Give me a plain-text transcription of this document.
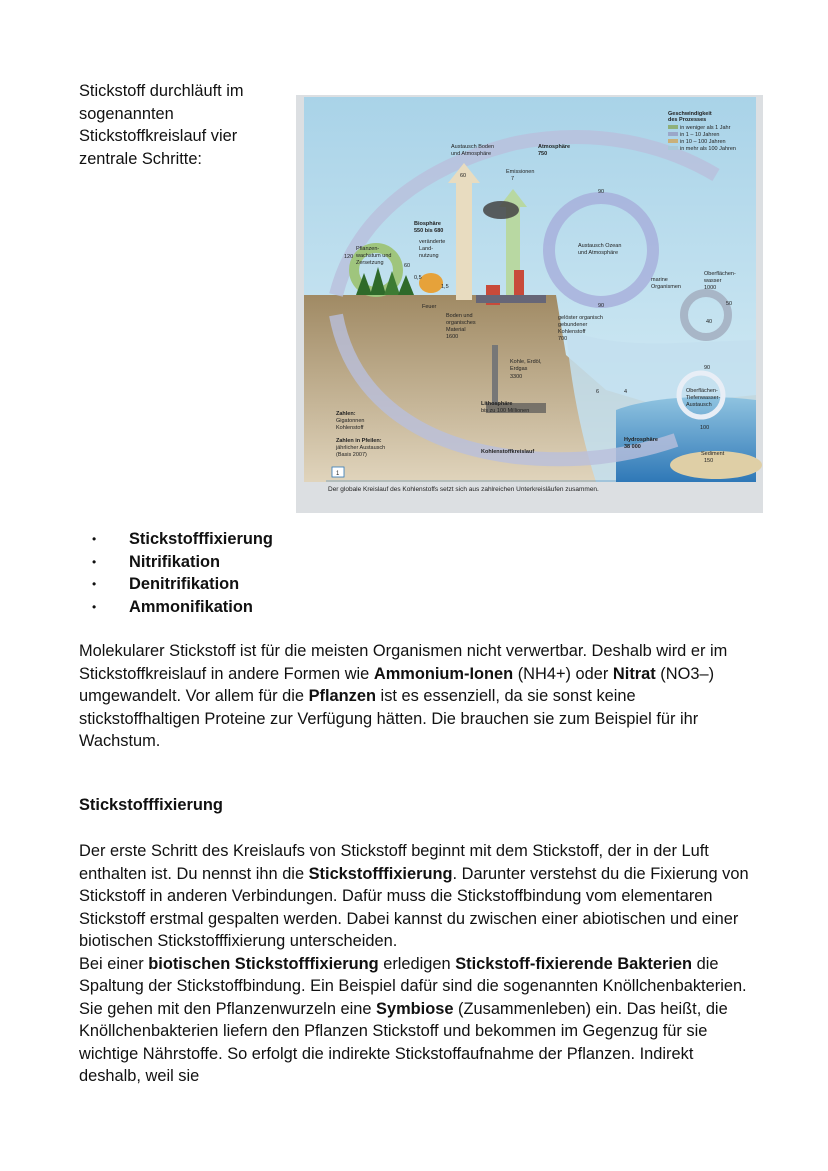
Stickstoff durchläuft im
sogenannten
Stickstoffkreislauf vier
zentrale Schritte:
Geschwindigkeit
des Prozesses
in weniger als 1 Jahr
in 1 – 10 Jahren
in 10 – 100 Jahren
in mehr als 100 Jahren
Austausch Boden
und Atmosphäre
Atmosphäre
750
Emissionen
7
60
90
Biosphäre
550 bis 680
Pflanzen-
wachstum und
Zersetzung
120
60
veränderte
Land-
nutzung
0,5
1,5
Austausch Ozean
und Atmosphäre
marine
Organismen
Oberflächen-
wasser
1000
50
40
Feuer
Boden und
organisches
Material
1600
90
gelöster organisch
gebundener
Kohlenstoff
700
Kohle, Erdöl,
Erdgas
3300
90
Oberflächen-
Tiefenwasser-
Austausch
6	4
Lithosphäre
bis zu 100 Millionen
100
Zahlen:
Gigatonnen
Kohlenstoff
Zahlen in Pfeilen:
jährlicher Austausch
(Basis 2007)	Kohlenstoffkreislauf
Hydrosphäre
38 000
Sediment
150
1
Der globale Kreislauf des Kohlenstoffs setzt sich aus zahlreichen Unterkreisläufen zusammen.
• Stickstofffixierung
• Nitrifikation
• Denitrifikation
• Ammonifikation

Molekularer Stickstoff ist für die meisten Organismen nicht verwertbar. Deshalb wird er im Stickstoffkreislauf in andere Formen wie Ammonium-Ionen (NH4+) oder Nitrat (NO3–) umgewandelt. Vor allem für die Pflanzen ist es essenziell, da sie sonst keine stickstoffhaltigen Proteine zur Verfügung hätten. Die brauchen sie zum Beispiel für ihr Wachstum.

Stickstofffixierung

Der erste Schritt des Kreislaufs von Stickstoff beginnt mit dem Stickstoff, der in der Luft enthalten ist. Du nennst ihn die Stickstofffixierung. Darunter verstehst du die Fixierung von Stickstoff in anderen Verbindungen. Dafür muss die Stickstoffbindung vom elementaren Stickstoff erstmal gespalten werden. Dabei kannst du zwischen einer abiotischen und einer biotischen Stickstofffixierung unterscheiden.
Bei einer biotischen Stickstofffixierung erledigen Stickstoff-fixierende Bakterien die Spaltung der Stickstoffbindung. Ein Beispiel dafür sind die sogenannten Knöllchenbakterien. Sie gehen mit den Pflanzenwurzeln eine Symbiose (Zusammenleben) ein. Das heißt, die Knöllchenbakterien liefern den Pflanzen Stickstoff und bekommen im Gegenzug für sie wichtige Nährstoffe. So erfolgt die indirekte Stickstoffaufnahme der Pflanzen. Indirekt deshalb, weil sie
